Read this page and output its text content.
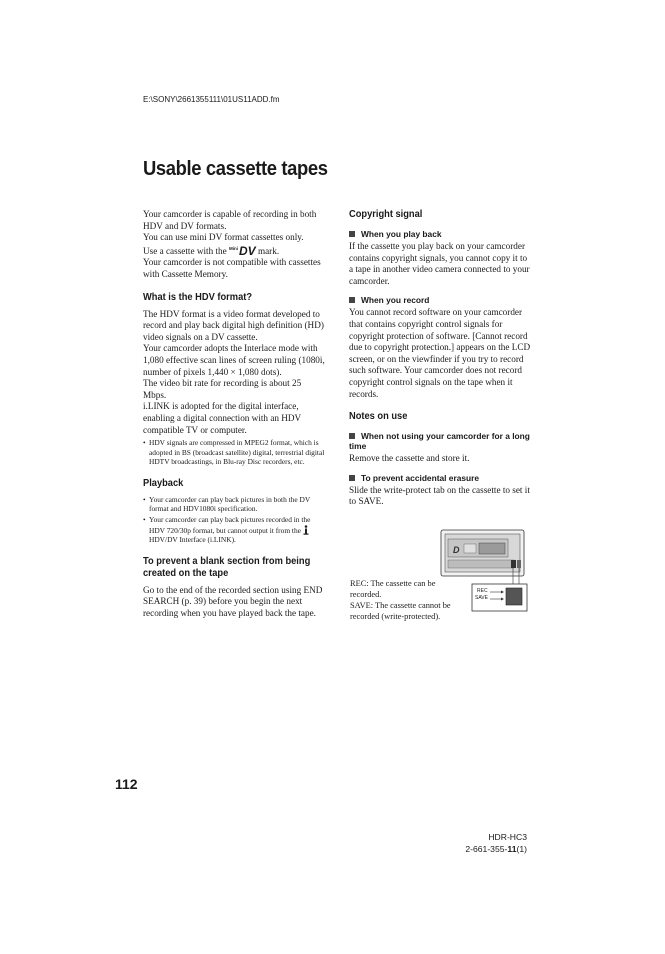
E:\SONY\2661355111\01US11ADD.fm
Usable cassette tapes

Your camcorder is capable of recording in both HDV and DV formats.

You can use mini DV format cassettes only.

Use a cassette with the $^{Mini}$DV mark.

Your camcorder is not compatible with cassettes with Cassette Memory.

What is the HDV format?

The HDV format is a video format developed to record and play back digital high definition (HD) video signals on a DV cassette.

Your camcorder adopts the Interlace mode with 1,080 effective scan lines of screen ruling (1080i, number of pixels 1,440 × 1,080 dots).

The video bit rate for recording is about 25 Mbps.

i.LINK is adopted for the digital interface, enabling a digital connection with an HDV compatible TV or computer.

• HDV signals are compressed in MPEG2 format, which is adopted in BS (broadcast satellite) digital, terrestrial digital HDTV broadcastings, in Blu-ray Disc recorders, etc.
Playback
• Your camcorder can play back pictures in both the DV format and HDV1080i specification.
• Your camcorder can play back pictures recorded in the HDV 720/30p format, but cannot output it from theHDV/DV Interface (i.LINK).
To prevent a blank section from being created on the tape

Go to the end of the recorded section using END SEARCH (p. 39) before you begin the next recording when you have played back the tape.

Copyright signal
When you play back

If the cassette you play back on your camcorder contains copyright signals, you cannot copy it to a tape in another video camera connected to your camcorder.

When you record

You cannot record software on your camcorder that contains copyright control signals for copyright protection of software. [Cannot record due to copyright protection.] appears on the LCD screen, or on the viewfinder if you try to record such software. Your camcorder does not record copyright control signals on the tape when it records.

Notes on use
When not using your camcorder for a long time

Remove the cassette and store it.

To prevent accidental erasure

Slide the write-protect tab on the cassette to set it to SAVE.

D
REC
SAVE
REC: The cassette can be recorded.
SAVE: The cassette cannot be recorded (write-protected).
112
HDR-HC3
2-661-355-11(1)
